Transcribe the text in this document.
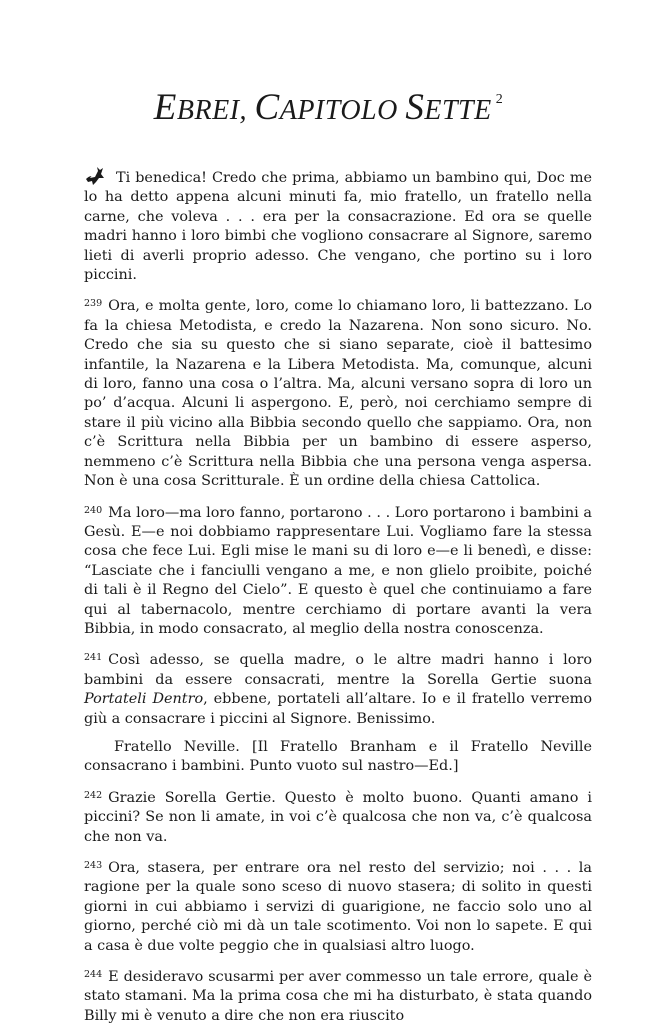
EBREI, CAPITOLO SETTE $^2$

Ti benedica! Credo che prima, abbiamo un bambino qui, Doc me lo ha detto appena alcuni minuti fa, mio fratello, un fratello nella carne, che voleva . . . era per la consacrazione. Ed ora se quelle madri hanno i loro bimbi che vogliono consacrare al Signore, saremo lieti di averli proprio adesso. Che vengano, che portino su i loro piccini.

$^{239}$ Ora, e molta gente, loro, come lo chiamano loro, li battezzano. Lo fa la chiesa Metodista, e credo la Nazarena. Non sono sicuro. No. Credo che sia su questo che si siano separate, cioè il battesimo infantile, la Nazarena e la Libera Metodista. Ma, comunque, alcuni di loro, fanno una cosa o l’altra. Ma, alcuni versano sopra di loro un po’ d’acqua. Alcuni li aspergono. E, però, noi cerchiamo sempre di stare il più vicino alla Bibbia secondo quello che sappiamo. Ora, non c’è Scrittura nella Bibbia per un bambino di essere asperso, nemmeno c’è Scrittura nella Bibbia che una persona venga aspersa. Non è una cosa Scritturale. È un ordine della chiesa Cattolica.

$^{240}$ Ma loro—ma loro fanno, portarono . . . Loro portarono i bambini a Gesù. E—e noi dobbiamo rappresentare Lui. Vogliamo fare la stessa cosa che fece Lui. Egli mise le mani su di loro e—e li benedì, e disse: “Lasciate che i fanciulli vengano a me, e non glielo proibite, poiché di tali è il Regno del Cielo”. E questo è quel che continuiamo a fare qui al tabernacolo, mentre cerchiamo di portare avanti la vera Bibbia, in modo consacrato, al meglio della nostra conoscenza.

$^{241}$ Così adesso, se quella madre, o le altre madri hanno i loro bambini da essere consacrati, mentre la Sorella Gertie suona Portateli Dentro, ebbene, portateli all’altare. Io e il fratello verremo giù a consacrare i piccini al Signore. Benissimo.

Fratello Neville. [Il Fratello Branham e il Fratello Neville consacrano i bambini. Punto vuoto sul nastro—Ed.]

$^{242}$ Grazie Sorella Gertie. Questo è molto buono. Quanti amano i piccini? Se non li amate, in voi c’è qualcosa che non va, c’è qualcosa che non va.

$^{243}$ Ora, stasera, per entrare ora nel resto del servizio; noi . . . la ragione per la quale sono sceso di nuovo stasera; di solito in questi giorni in cui abbiamo i servizi di guarigione, ne faccio solo uno al giorno, perché ciò mi dà un tale scotimento. Voi non lo sapete. E qui a casa è due volte peggio che in qualsiasi altro luogo.

$^{244}$ E desideravo scusarmi per aver commesso un tale errore, quale è stato stamani. Ma la prima cosa che mi ha disturbato, è stata quando Billy mi è venuto a dire che non era riuscito
